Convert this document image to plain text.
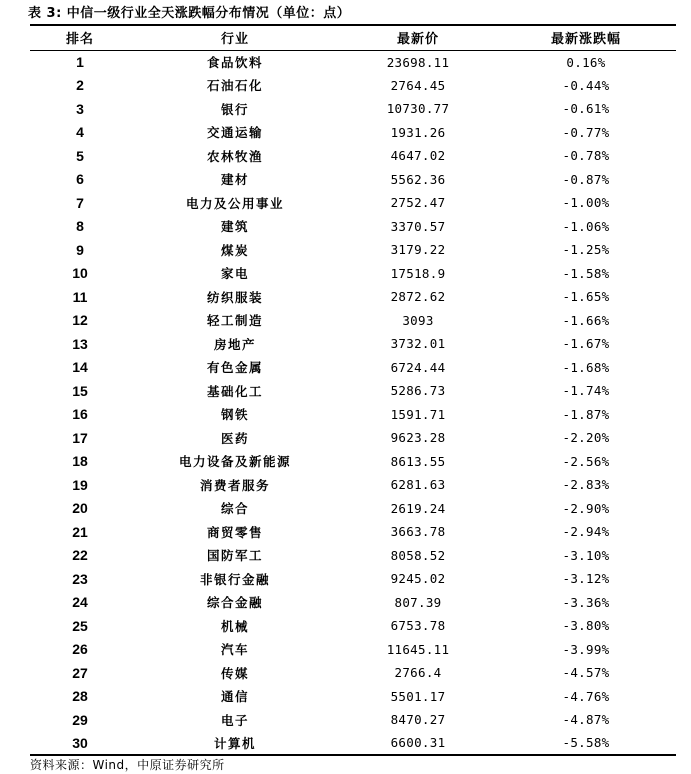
表 3: 中信一级行业全天涨跌幅分布情况（单位：点）
排名	行业	最新价	最新涨跌幅
1	食品饮料	23698.11	0.16%
2	石油石化	2764.45	-0.44%
3	银行	10730.77	-0.61%
4	交通运输	1931.26	-0.77%
5	农林牧渔	4647.02	-0.78%
6	建材	5562.36	-0.87%
7	电力及公用事业	2752.47	-1.00%
8	建筑	3370.57	-1.06%
9	煤炭	3179.22	-1.25%
10	家电	17518.9	-1.58%
11	纺织服装	2872.62	-1.65%
12	轻工制造	3093	-1.66%
13	房地产	3732.01	-1.67%
14	有色金属	6724.44	-1.68%
15	基础化工	5286.73	-1.74%
16	钢铁	1591.71	-1.87%
17	医药	9623.28	-2.20%
18	电力设备及新能源	8613.55	-2.56%
19	消费者服务	6281.63	-2.83%
20	综合	2619.24	-2.90%
21	商贸零售	3663.78	-2.94%
22	国防军工	8058.52	-3.10%
23	非银行金融	9245.02	-3.12%
24	综合金融	807.39	-3.36%
25	机械	6753.78	-3.80%
26	汽车	11645.11	-3.99%
27	传媒	2766.4	-4.57%
28	通信	5501.17	-4.76%
29	电子	8470.27	-4.87%
30	计算机	6600.31	-5.58%
资料来源：Wind，中原证券研究所
